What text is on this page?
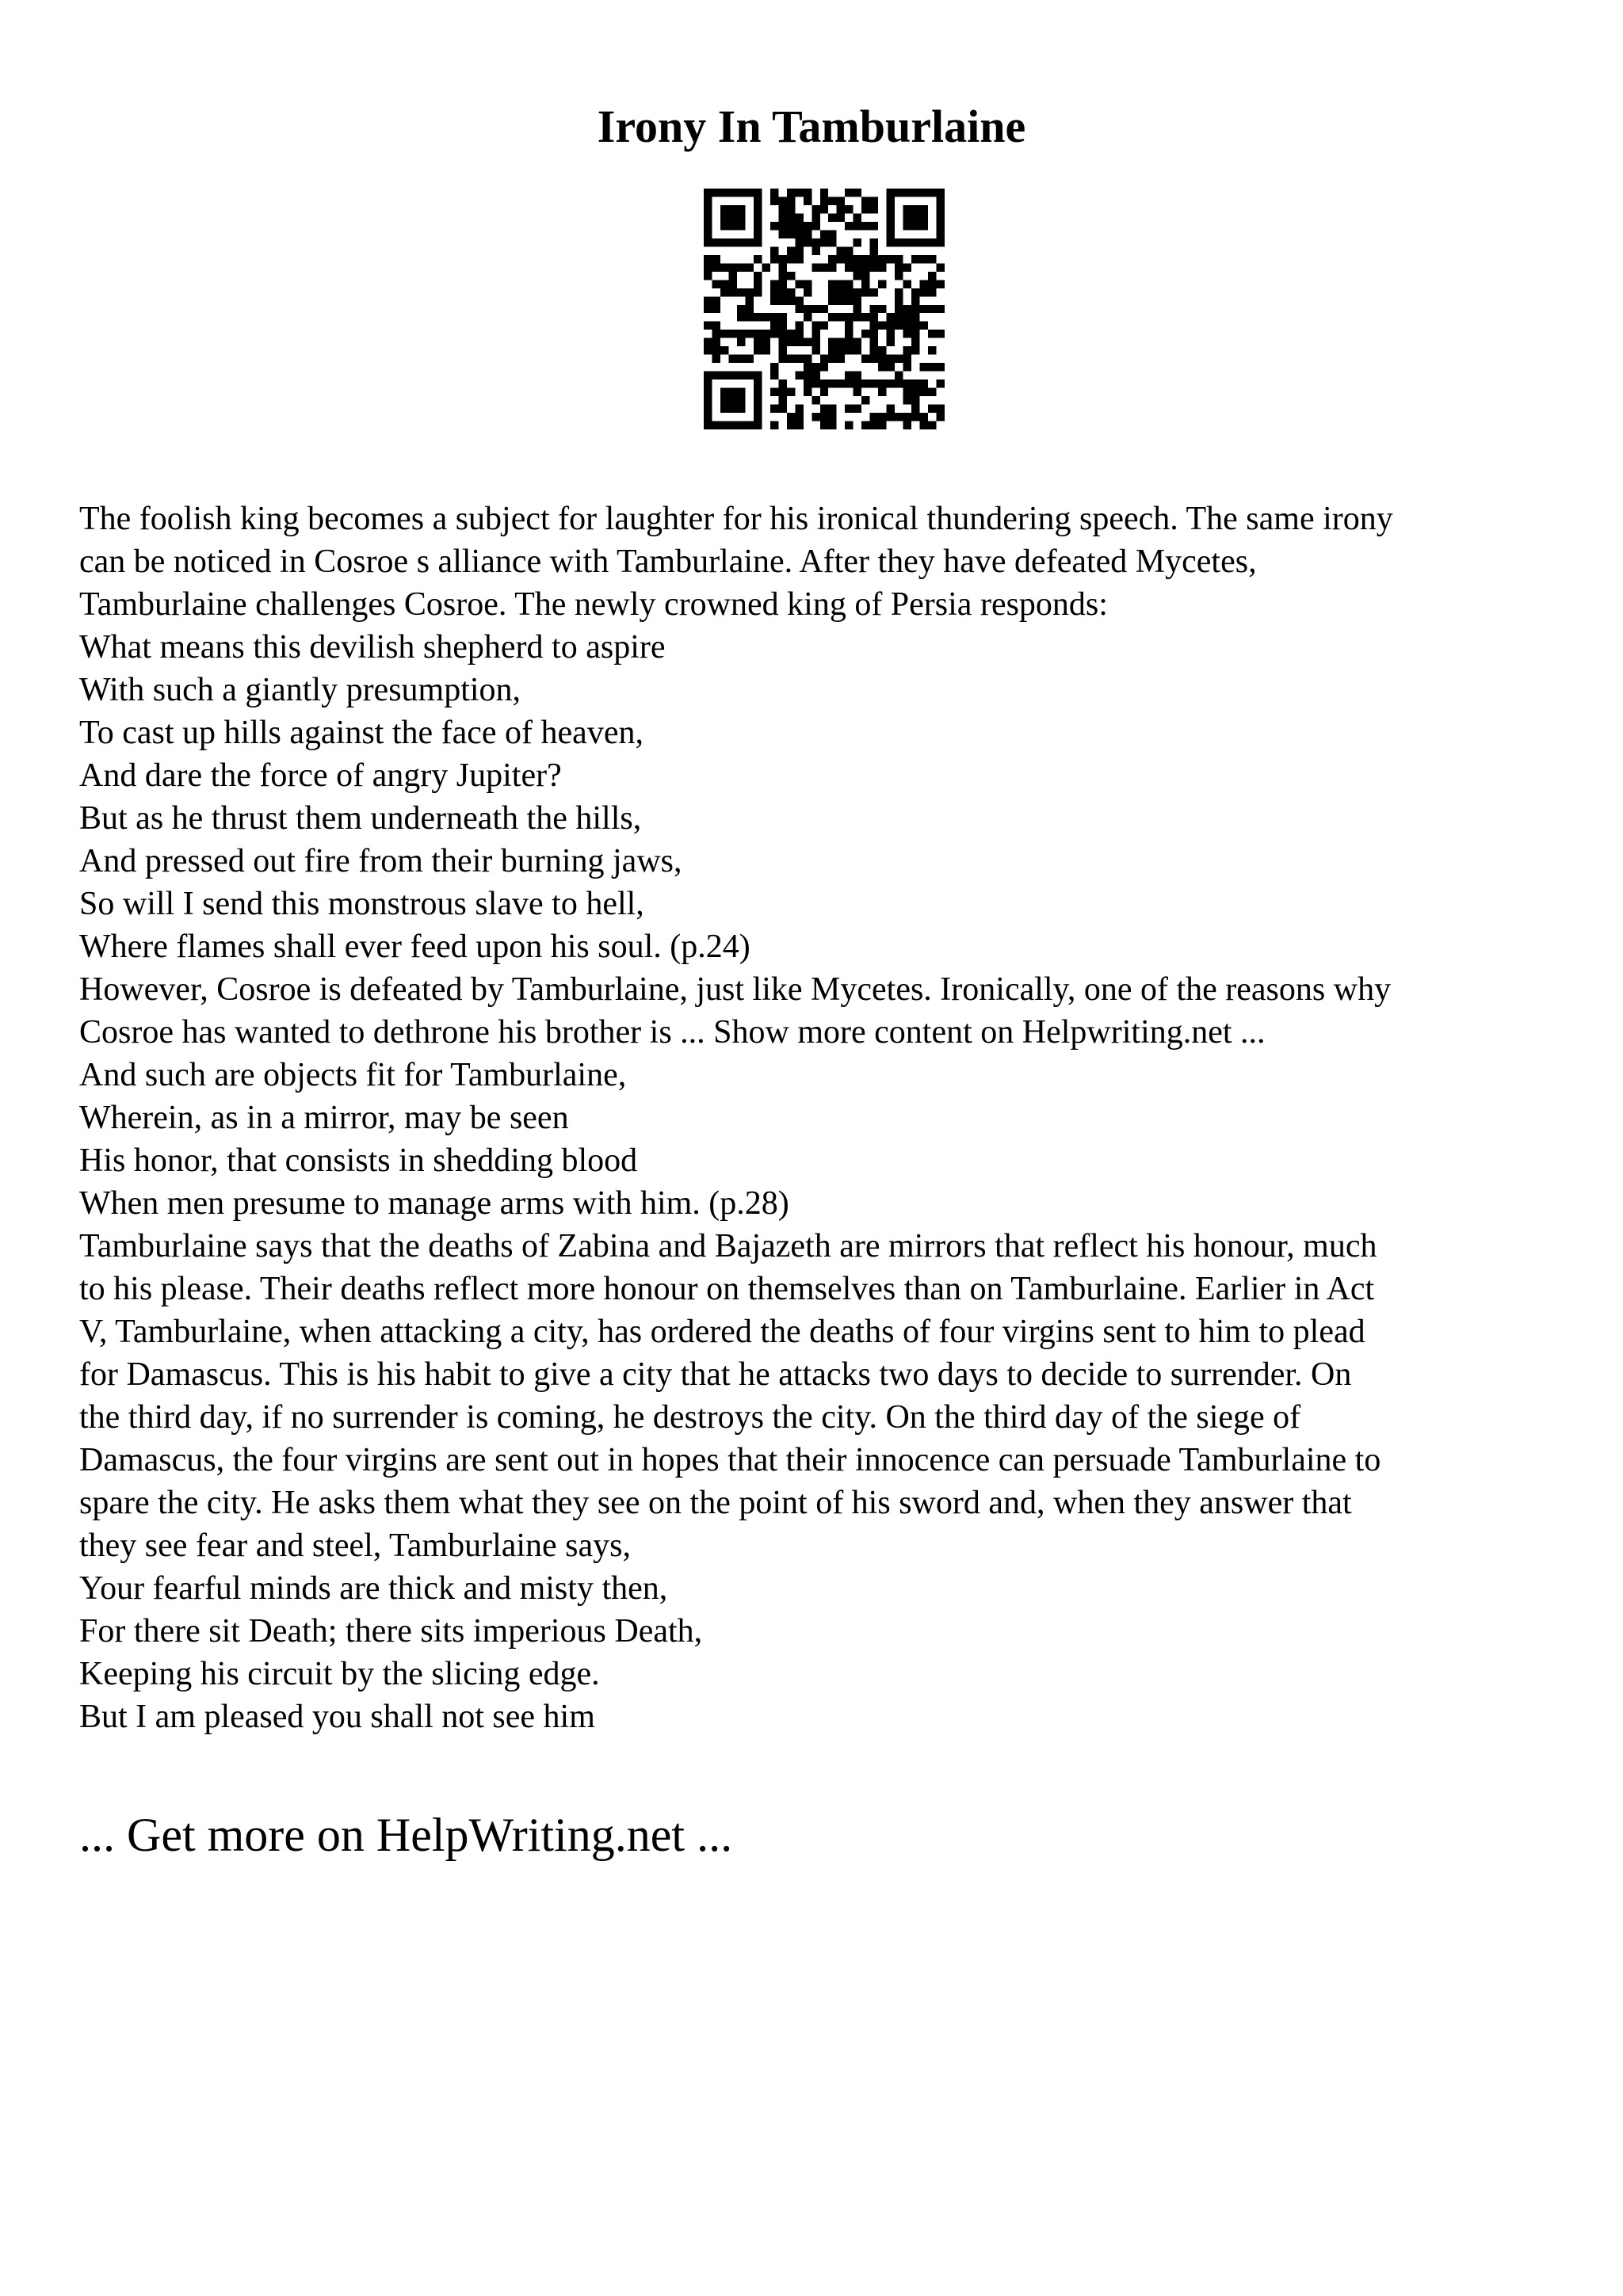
Irony In Tamburlaine
The foolish king becomes a subject for laughter for his ironical thundering speech. The same irony
can be noticed in Cosroe s alliance with Tamburlaine. After they have defeated Mycetes,
Tamburlaine challenges Cosroe. The newly crowned king of Persia responds:
What means this devilish shepherd to aspire
With such a giantly presumption,
To cast up hills against the face of heaven,
And dare the force of angry Jupiter?
But as he thrust them underneath the hills,
And pressed out fire from their burning jaws,
So will I send this monstrous slave to hell,
Where flames shall ever feed upon his soul. (p.24)
However, Cosroe is defeated by Tamburlaine, just like Mycetes. Ironically, one of the reasons why
Cosroe has wanted to dethrone his brother is ... Show more content on Helpwriting.net ...
And such are objects fit for Tamburlaine,
Wherein, as in a mirror, may be seen
His honor, that consists in shedding blood
When men presume to manage arms with him. (p.28)
Tamburlaine says that the deaths of Zabina and Bajazeth are mirrors that reflect his honour, much
to his please. Their deaths reflect more honour on themselves than on Tamburlaine. Earlier in Act
V, Tamburlaine, when attacking a city, has ordered the deaths of four virgins sent to him to plead
for Damascus. This is his habit to give a city that he attacks two days to decide to surrender. On
the third day, if no surrender is coming, he destroys the city. On the third day of the siege of
Damascus, the four virgins are sent out in hopes that their innocence can persuade Tamburlaine to
spare the city. He asks them what they see on the point of his sword and, when they answer that
they see fear and steel, Tamburlaine says,
Your fearful minds are thick and misty then,
For there sit Death; there sits imperious Death,
Keeping his circuit by the slicing edge.
But I am pleased you shall not see him
... Get more on HelpWriting.net ...
